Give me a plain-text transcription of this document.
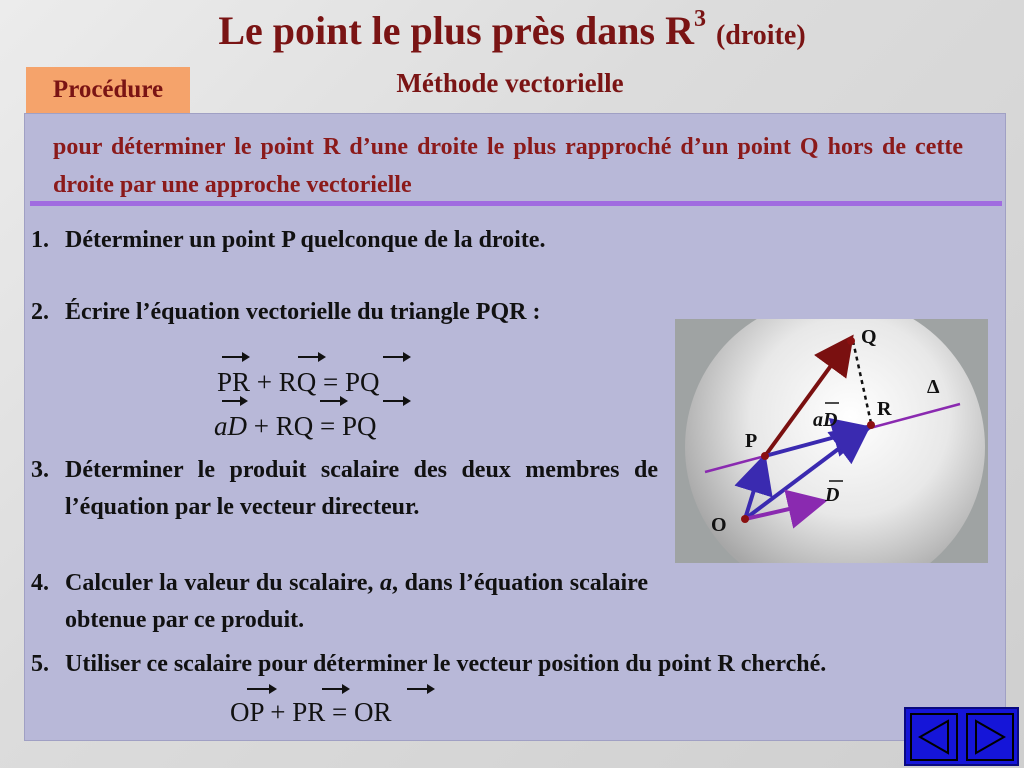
Le point le plus près dans $R^3$ (droite)
Procédure	Méthode vectorielle
pour déterminer le point R d’une droite le plus rapproché d’un point Q hors de cette droite par une approche vectorielle
1. Déterminer un point P quelconque de la droite.
2. Écrire l’équation vectorielle du triangle PQR :
PR + RQ = PQ
aD + RQ = PQ
3. Déterminer le produit scalaire des deux membres de l’équation par le vecteur directeur.
4. Calculer la valeur du scalaire, a, dans l’équation scalaire obtenue par ce produit.
5. Utiliser ce scalaire pour déterminer le vecteur position du point R cherché.
OP + PR = OR
Q
R
P
O
Δ
aD
D
